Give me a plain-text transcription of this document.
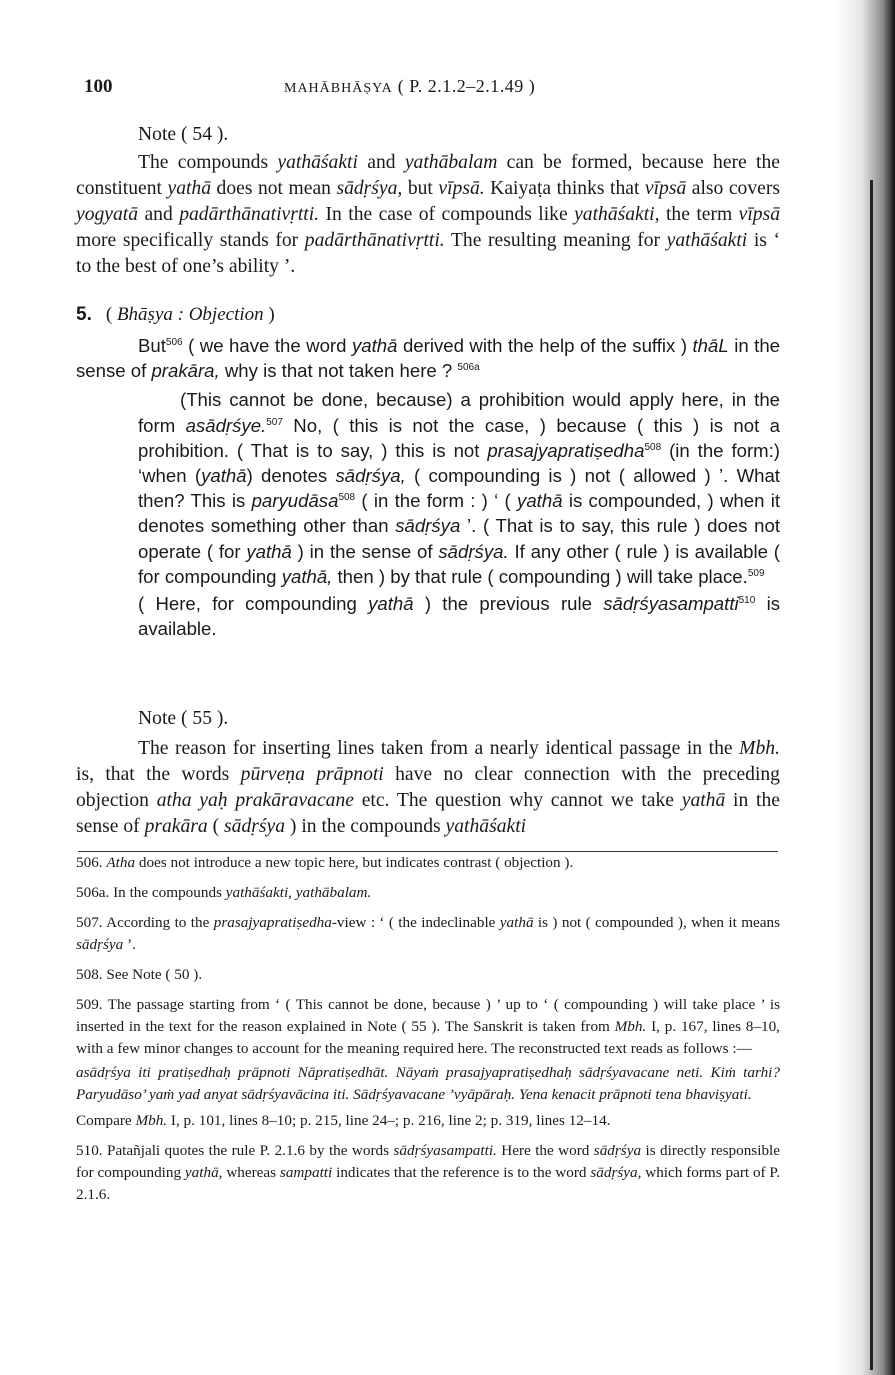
100	MAHĀBHĀṢYA ( P. 2.1.2–2.1.49 )

Note ( 54 ).

The compounds yathāśakti and yathābalam can be formed, because here the constituent yathā does not mean sādṛśya, but vīpsā. Kaiyaṭa thinks that vīpsā also covers yogyatā and padārthānativṛtti. In the case of compounds like yathāśakti, the term vīpsā more specifically stands for padārthānativṛtti. The resulting meaning for yathāśakti is ‘ to the best of one’s ability ’.

5. ( Bhāṣya : Objection )

But$^{506}$ ( we have the word yathā derived with the help of the suffix ) thāL in the sense of prakāra, why is that not taken here ? $^{506a}$

(This cannot be done, because) a prohibition would apply here, in the form asādṛśye.$^{507}$ No, ( this is not the case, ) because ( this ) is not a prohibition. ( That is to say, ) this is not prasajyapratiṣedha$^{508}$ (in the form:) ‘when (yathā) denotes sādṛśya, ( compounding is ) not ( allowed ) ’. What then? This is paryudāsa$^{508}$ ( in the form : ) ‘ ( yathā is compounded, ) when it denotes something other than sādṛśya ’. ( That is to say, this rule ) does not operate ( for yathā ) in the sense of sādṛśya. If any other ( rule ) is available ( for compounding yathā, then ) by that rule ( compounding ) will take place.$^{509}$

( Here, for compounding yathā ) the previous rule sādṛśyasampatti$^{510}$ is available.

Note ( 55 ).

The reason for inserting lines taken from a nearly identical passage in the Mbh. is, that the words pūrveṇa prāpnoti have no clear connection with the preceding objection atha yaḥ prakāravacane etc. The question why cannot we take yathā in the sense of prakāra ( sādṛśya ) in the compounds yathāśakti

506. Atha does not introduce a new topic here, but indicates contrast ( objection ).

506a. In the compounds yathāśakti, yathābalam.

507. According to the prasajyapratiṣedha-view : ‘ ( the indeclinable yathā is ) not ( compounded ), when it means sādṛśya ’.

508. See Note ( 50 ).

509. The passage starting from ‘ ( This cannot be done, because ) ’ up to ‘ ( compounding ) will take place ’ is inserted in the text for the reason explained in Note ( 55 ). The Sanskrit is taken from Mbh. I, p. 167, lines 8–10, with a few minor changes to account for the meaning required here. The reconstructed text reads as follows :—

asādṛśya iti pratiṣedhaḥ prāpnoti Nāpratiṣedhāt. Nāyaṁ prasajyapratiṣedhaḥ sādṛśyavacane neti. Kiṁ tarhi? Paryudāso’ yaṁ yad anyat sādṛśyavācina iti. Sādṛśyavacane ’vyāpāraḥ. Yena kenacit prāpnoti tena bhaviṣyati.

Compare Mbh. I, p. 101, lines 8–10; p. 215, line 24–; p. 216, line 2; p. 319, lines 12–14.

510. Patañjali quotes the rule P. 2.1.6 by the words sādṛśyasampatti. Here the word sādṛśya is directly responsible for compounding yathā, whereas sampatti indicates that the reference is to the word sādṛśya, which forms part of P. 2.1.6.
